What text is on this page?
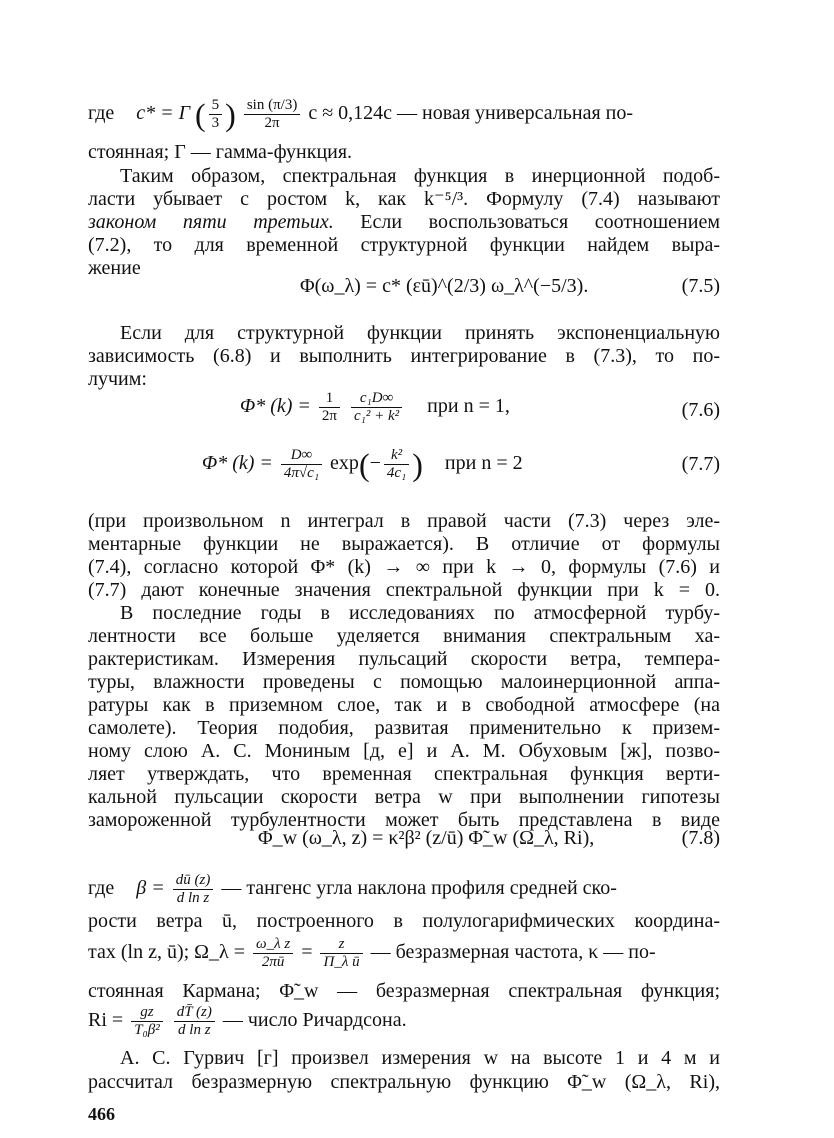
где c* = Γ ( $\frac{5}{3}$ ) $\frac{\sin (\pi/3)}{2\pi}$ c ≈ 0,124c — новая универсальная по-
стоянная; Γ — гамма-функция.
Таким образом, спектральная функция в инерционной подоб-
ласти убывает с ростом k, как k⁻⁵/³. Формулу (7.4) называют
законом пяти третьих. Если воспользоваться соотношением
(7.2), то для временной структурной функции найдем выра-
жение
Φ(ω_λ) = c* (εū)^(2/3) ω_λ^(−5/3).	(7.5)
Если для структурной функции принять экспоненциальную
зависимость (6.8) и выполнить интегрирование в (7.3), то по-
лучим:
Φ* $(k) = \frac{1}{2\pi}$
$\frac{\text{c₁D∞}}{\text{c₁² + k²}}$ при n = 1,	(7.6)
Φ* $(k) = \frac{D\infty}{\text{4π√c₁}} \exp(- \frac{\text{k²}}{\text{4c₁}}$ ) при n = 2	(7.7)
(при произвольном n интеграл в правой части (7.3) через эле-
ментарные функции не выражается). В отличие от формулы
(7.4), согласно которой Φ* (k) → ∞ при k → 0, формулы (7.6) и
(7.7) дают конечные значения спектральной функции при k = 0.
В последние годы в исследованиях по атмосферной турбу-
лентности все больше уделяется внимания спектральным ха-
рактеристикам. Измерения пульсаций скорости ветра, темпера-
туры, влажности проведены с помощью малоинерционной аппа-
ратуры как в приземном слое, так и в свободной атмосфере (на
самолете). Теория подобия, развитая применительно к призем-
ному слою А. С. Мониным [д, е] и А. М. Обуховым [ж], позво-
ляет утверждать, что временная спектральная функция верти-
кальной пульсации скорости ветра w при выполнении гипотезы
замороженной турбулентности может быть представлена в виде
Φ_w (ω_λ, z) = κ²β² (z/ū) Φ̃_w (Ω_λ, Ri),	(7.8)
где $\beta = \frac{dū (z)}{\text{d ln z}}$ — тангенс угла наклона профиля средней ско-
рости ветра ū, построенного в полулогарифмических координа-
тах (ln z, ū); Ω_λ = $\frac{\text{ω\_λ z}}{2\pi ū} = \frac{z}{\text{Π\_λ ū}}$ — безразмерная частота, κ — по-
стоянная Кармана; Φ̃_w — безразмерная спектральная функция;
$Ri = \frac{gz}{\text{T₀β²}}$
$\frac{dT̄ (z)}{\text{d ln z}}$ — число Ричардсона.
А. С. Гурвич [г] произвел измерения w на высоте 1 и 4 м и
рассчитал безразмерную спектральную функцию Φ̃_w (Ω_λ, Ri),
466
